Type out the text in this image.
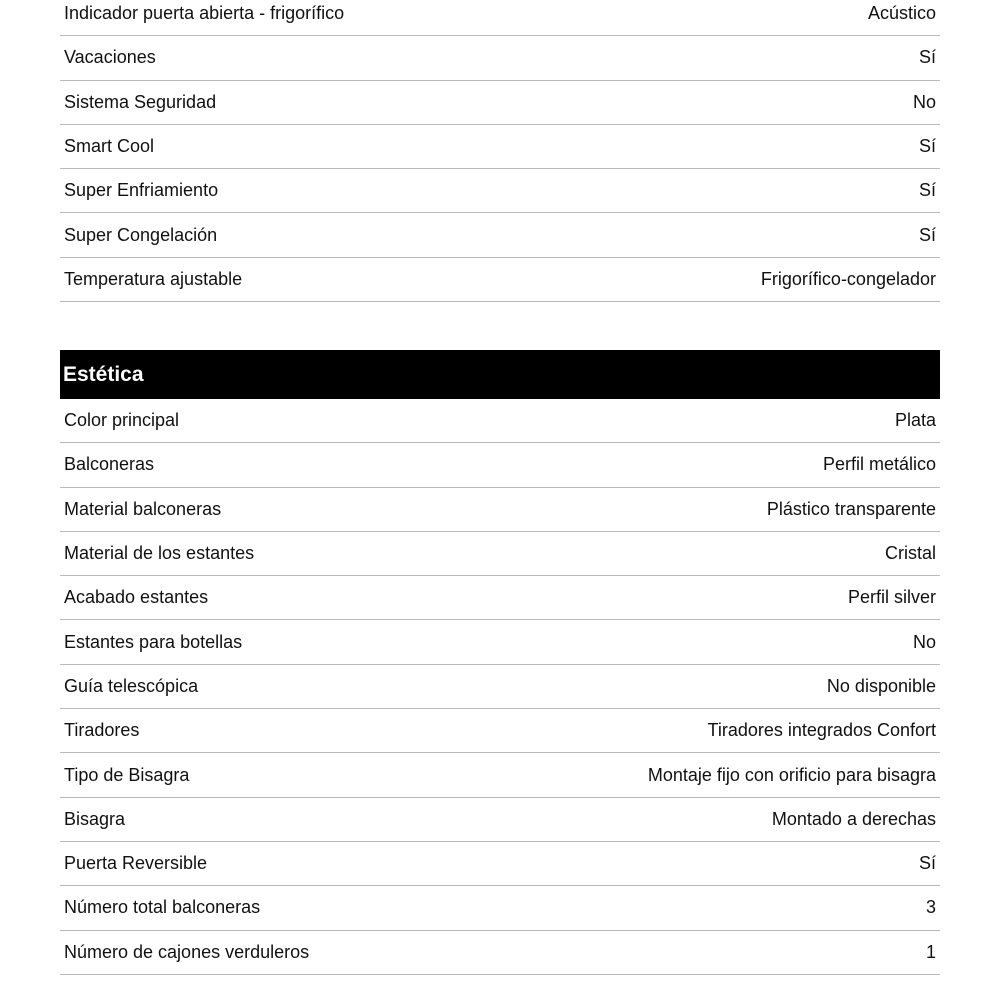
Indicador puerta abierta - frigorífico	Acústico
Vacaciones	Sí
Sistema Seguridad	No
Smart Cool	Sí
Super Enfriamiento	Sí
Super Congelación	Sí
Temperatura ajustable	Frigorífico-congelador
Estética
Color principal	Plata
Balconeras	Perfil metálico
Material balconeras	Plástico transparente
Material de los estantes	Cristal
Acabado estantes	Perfil silver
Estantes para botellas	No
Guía telescópica	No disponible
Tiradores	Tiradores integrados Confort
Tipo de Bisagra	Montaje fijo con orificio para bisagra
Bisagra	Montado a derechas
Puerta Reversible	Sí
Número total balconeras	3
Número de cajones verduleros	1
